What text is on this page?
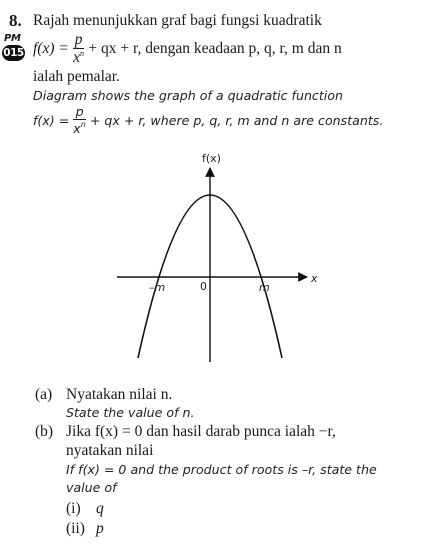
8.
PM
015
Rajah menunjukkan graf bagi fungsi kuadratik
$f(x) = \frac{p}{x^n}$ + qx + r, dengan keadaan p, q, r, m dan n
ialah pemalar.
Diagram shows the graph of a quadratic function
$f(x) = \frac{p}{x^n}$ + qx + r, where p, q, r, m and n are constants.
f(x)
x
0
–m	m
(a) Nyatakan nilai n.
State the value of n.
(b) Jika f(x) = 0 dan hasil darab punca ialah −r,
nyatakan nilai
If f(x) = 0 and the product of roots is –r, state the
value of
(i) q
(ii) p
